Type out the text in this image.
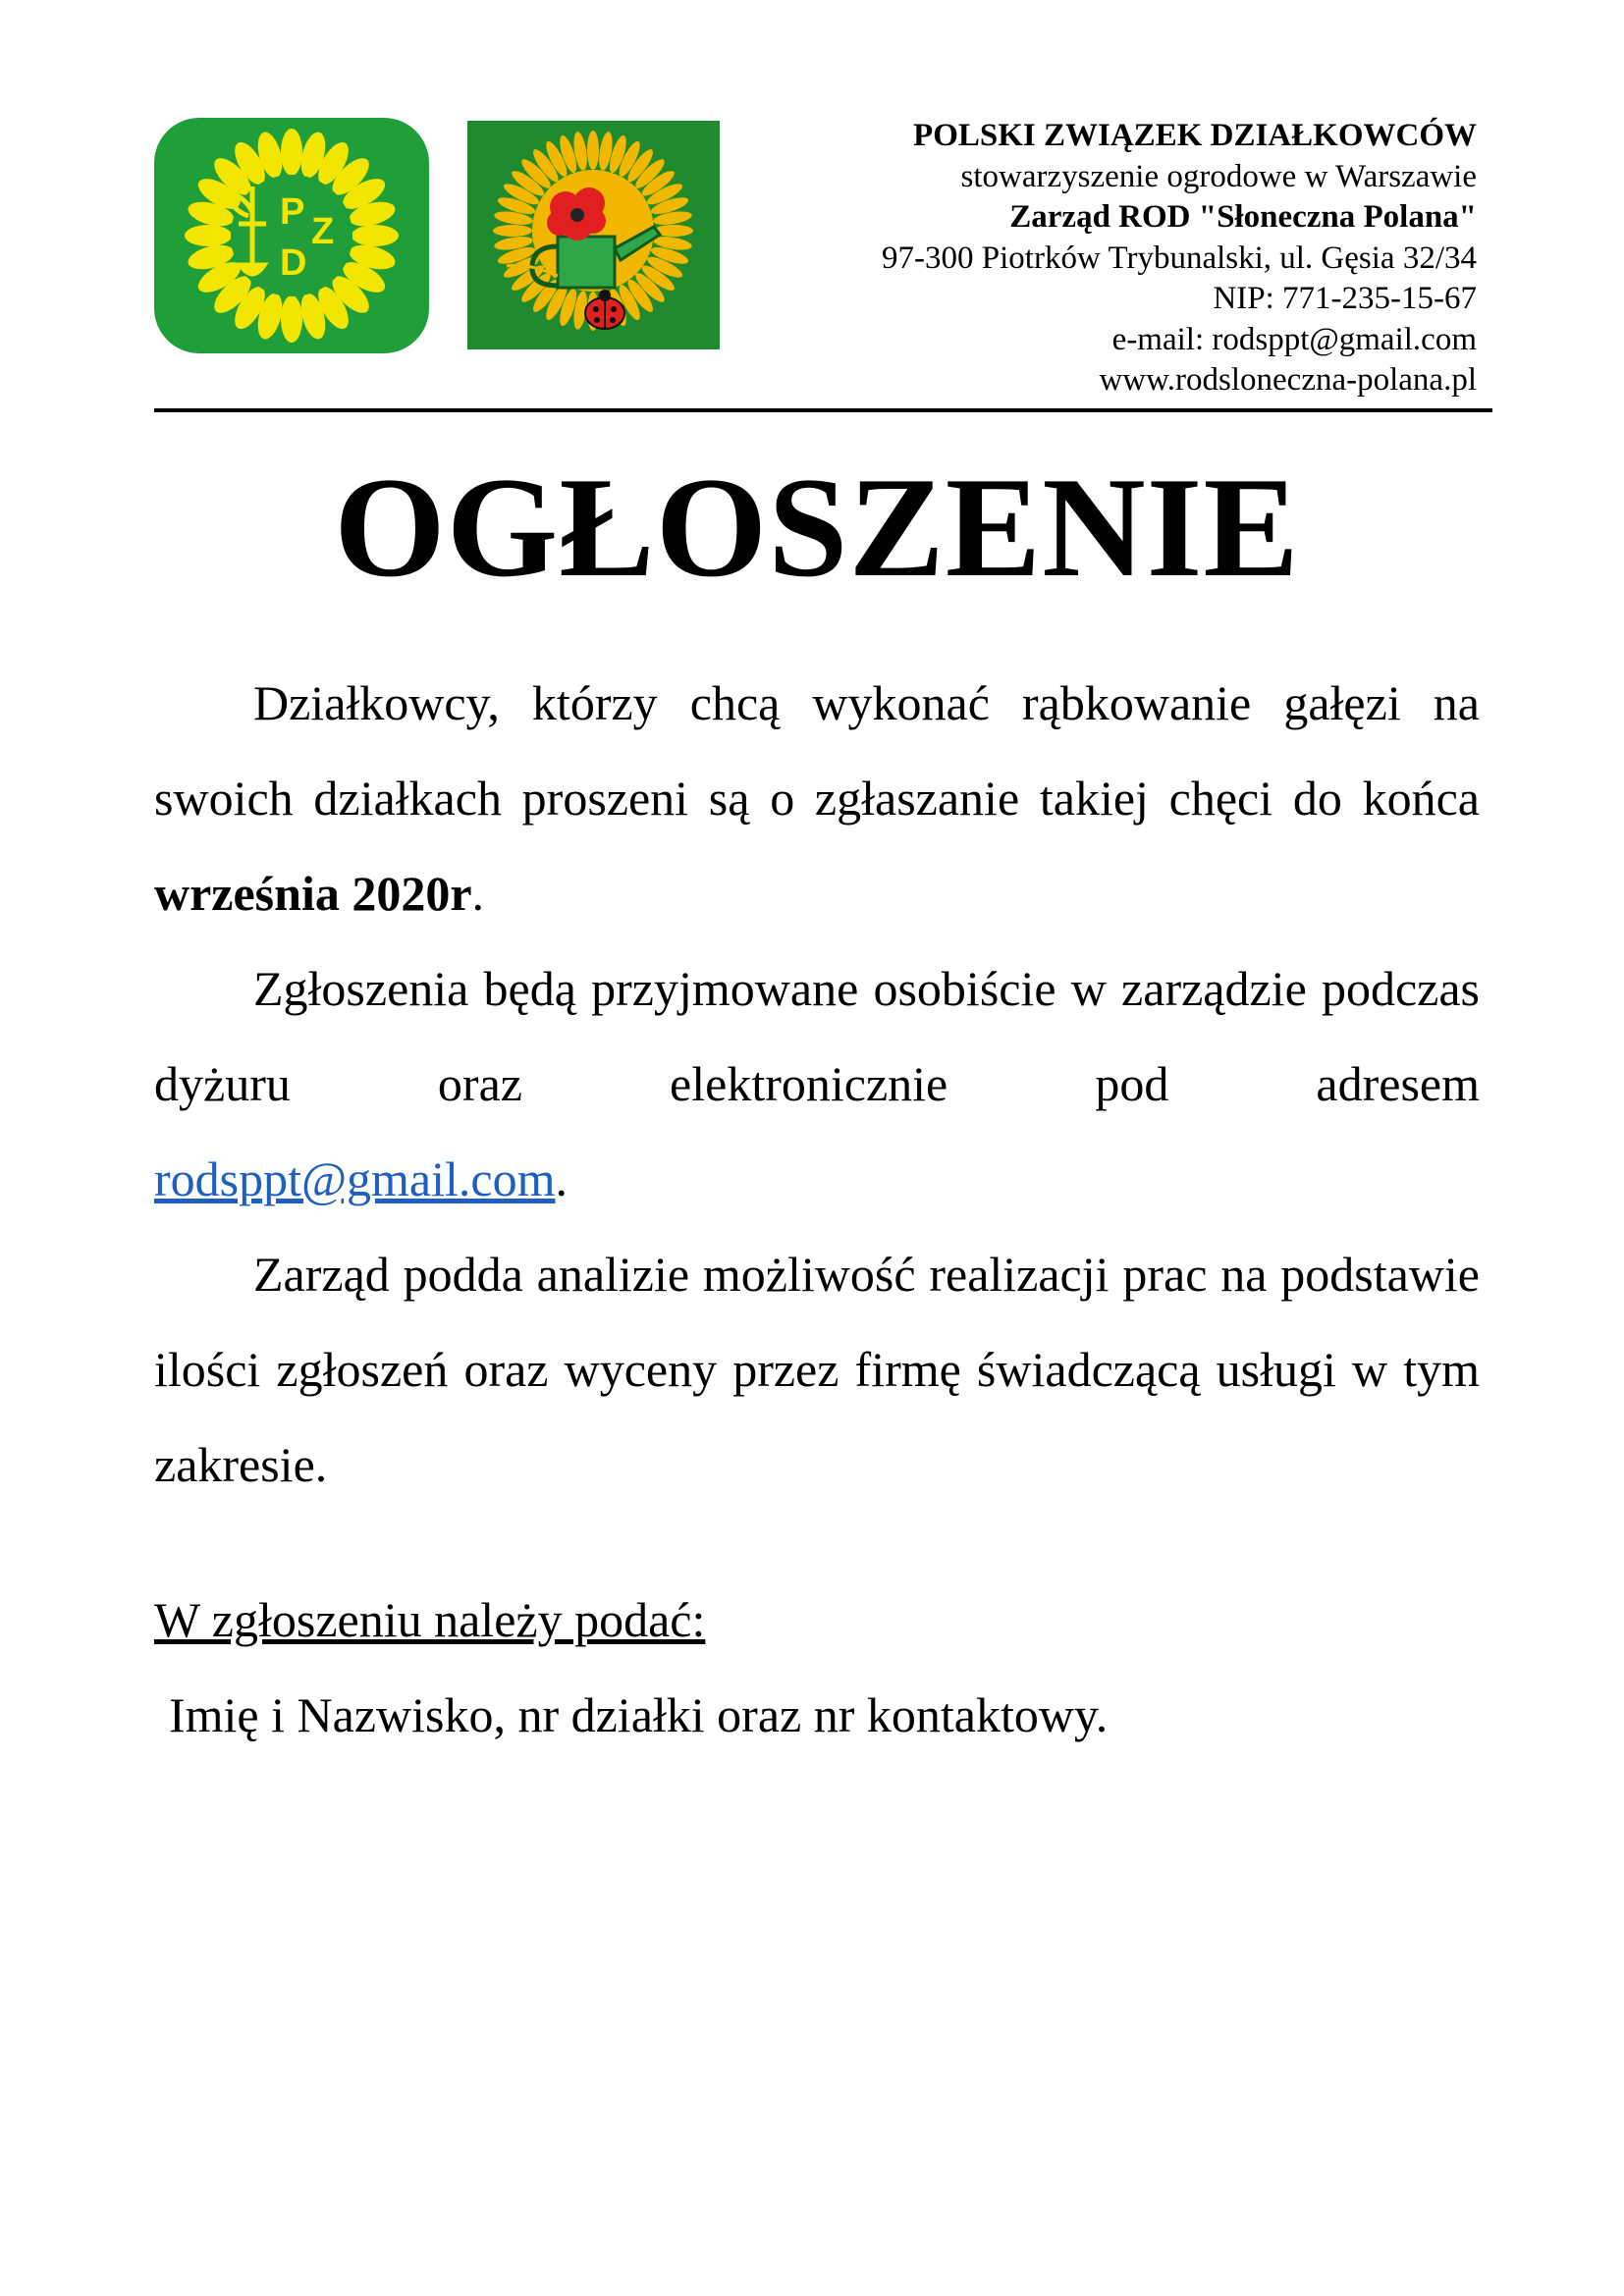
P Z
D
POLSKI ZWIĄZEK DZIAŁKOWCÓW
stowarzyszenie ogrodowe w Warszawie
Zarząd ROD "Słoneczna Polana"
97-300 Piotrków Trybunalski, ul. Gęsia 32/34
NIP: 771-235-15-67
e-mail: rodsppt@gmail.com
www.rodsloneczna-polana.pl
OGŁOSZENIE

Działkowcy, którzy chcą wykonać rąbkowanie gałęzi na swoich działkach proszeni są o zgłaszanie takiej chęci do końca września 2020r.

Zgłoszenia będą przyjmowane osobiście w zarządzie podczas dyżuru oraz elektronicznie pod adresem

rodsppt@gmail.com.

Zarząd podda analizie możliwość realizacji prac na podstawie ilości zgłoszeń oraz wyceny przez firmę świadczącą usługi w tym zakresie.

W zgłoszeniu należy podać:
Imię i Nazwisko, nr działki oraz nr kontaktowy.
